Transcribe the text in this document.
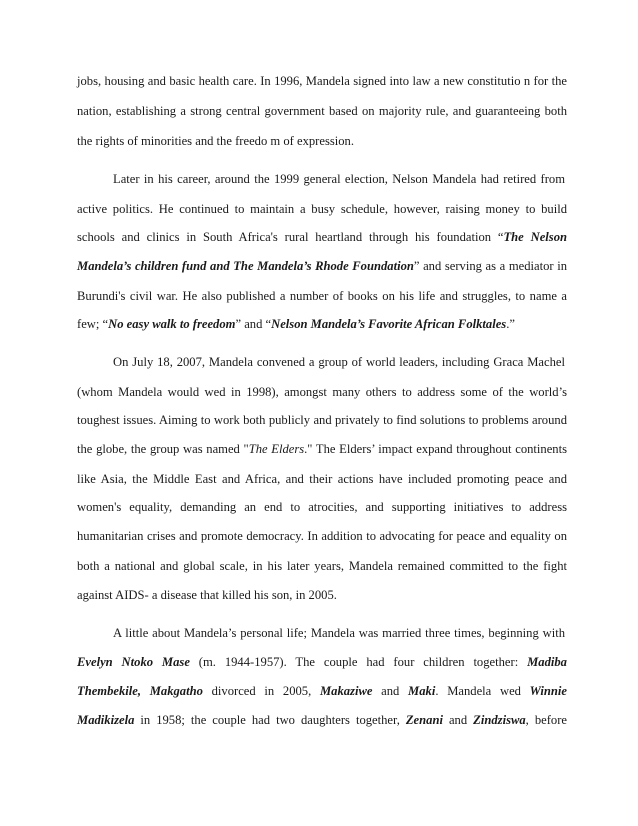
jobs, housing and basic health care. In 1996, Mandela signed into law a new constitutio n for the
nation, establishing a strong central government based on majority rule, and guaranteeing both
the rights of minorities and the freedo m of expression.
Later in his career, around the 1999 general election, Nelson Mandela had retired from
active politics. He continued to maintain a busy schedule, however, raising money to build
schools and clinics in South Africa's rural heartland through his foundation “The Nelson
Mandela’s children fund and The Mandela’s Rhode Foundation” and serving as a mediator in
Burundi's civil war. He also published a number of books on his life and struggles, to name a
few; “No easy walk to freedom” and “Nelson Mandela’s Favorite African Folktales.”
On July 18, 2007, Mandela convened a group of world leaders, including Graca Machel
(whom Mandela would wed in 1998), amongst many others to address some of the world’s
toughest issues. Aiming to work both publicly and privately to find solutions to problems around
the globe, the group was named "The Elders." The Elders’ impact expand throughout continents
like Asia, the Middle East and Africa, and their actions have included promoting peace and
women's equality, demanding an end to atrocities, and supporting initiatives to address
humanitarian crises and promote democracy. In addition to advocating for peace and equality on
both a national and global scale, in his later years, Mandela remained committed to the fight
against AIDS- a disease that killed his son, in 2005.
A little about Mandela’s personal life; Mandela was married three times, beginning with
Evelyn Ntoko Mase (m. 1944-1957). The couple had four children together: Madiba
Thembekile, Makgatho divorced in 2005, Makaziwe and Maki. Mandela wed Winnie
Madikizela in 1958; the couple had two daughters together, Zenani and Zindziswa, before
